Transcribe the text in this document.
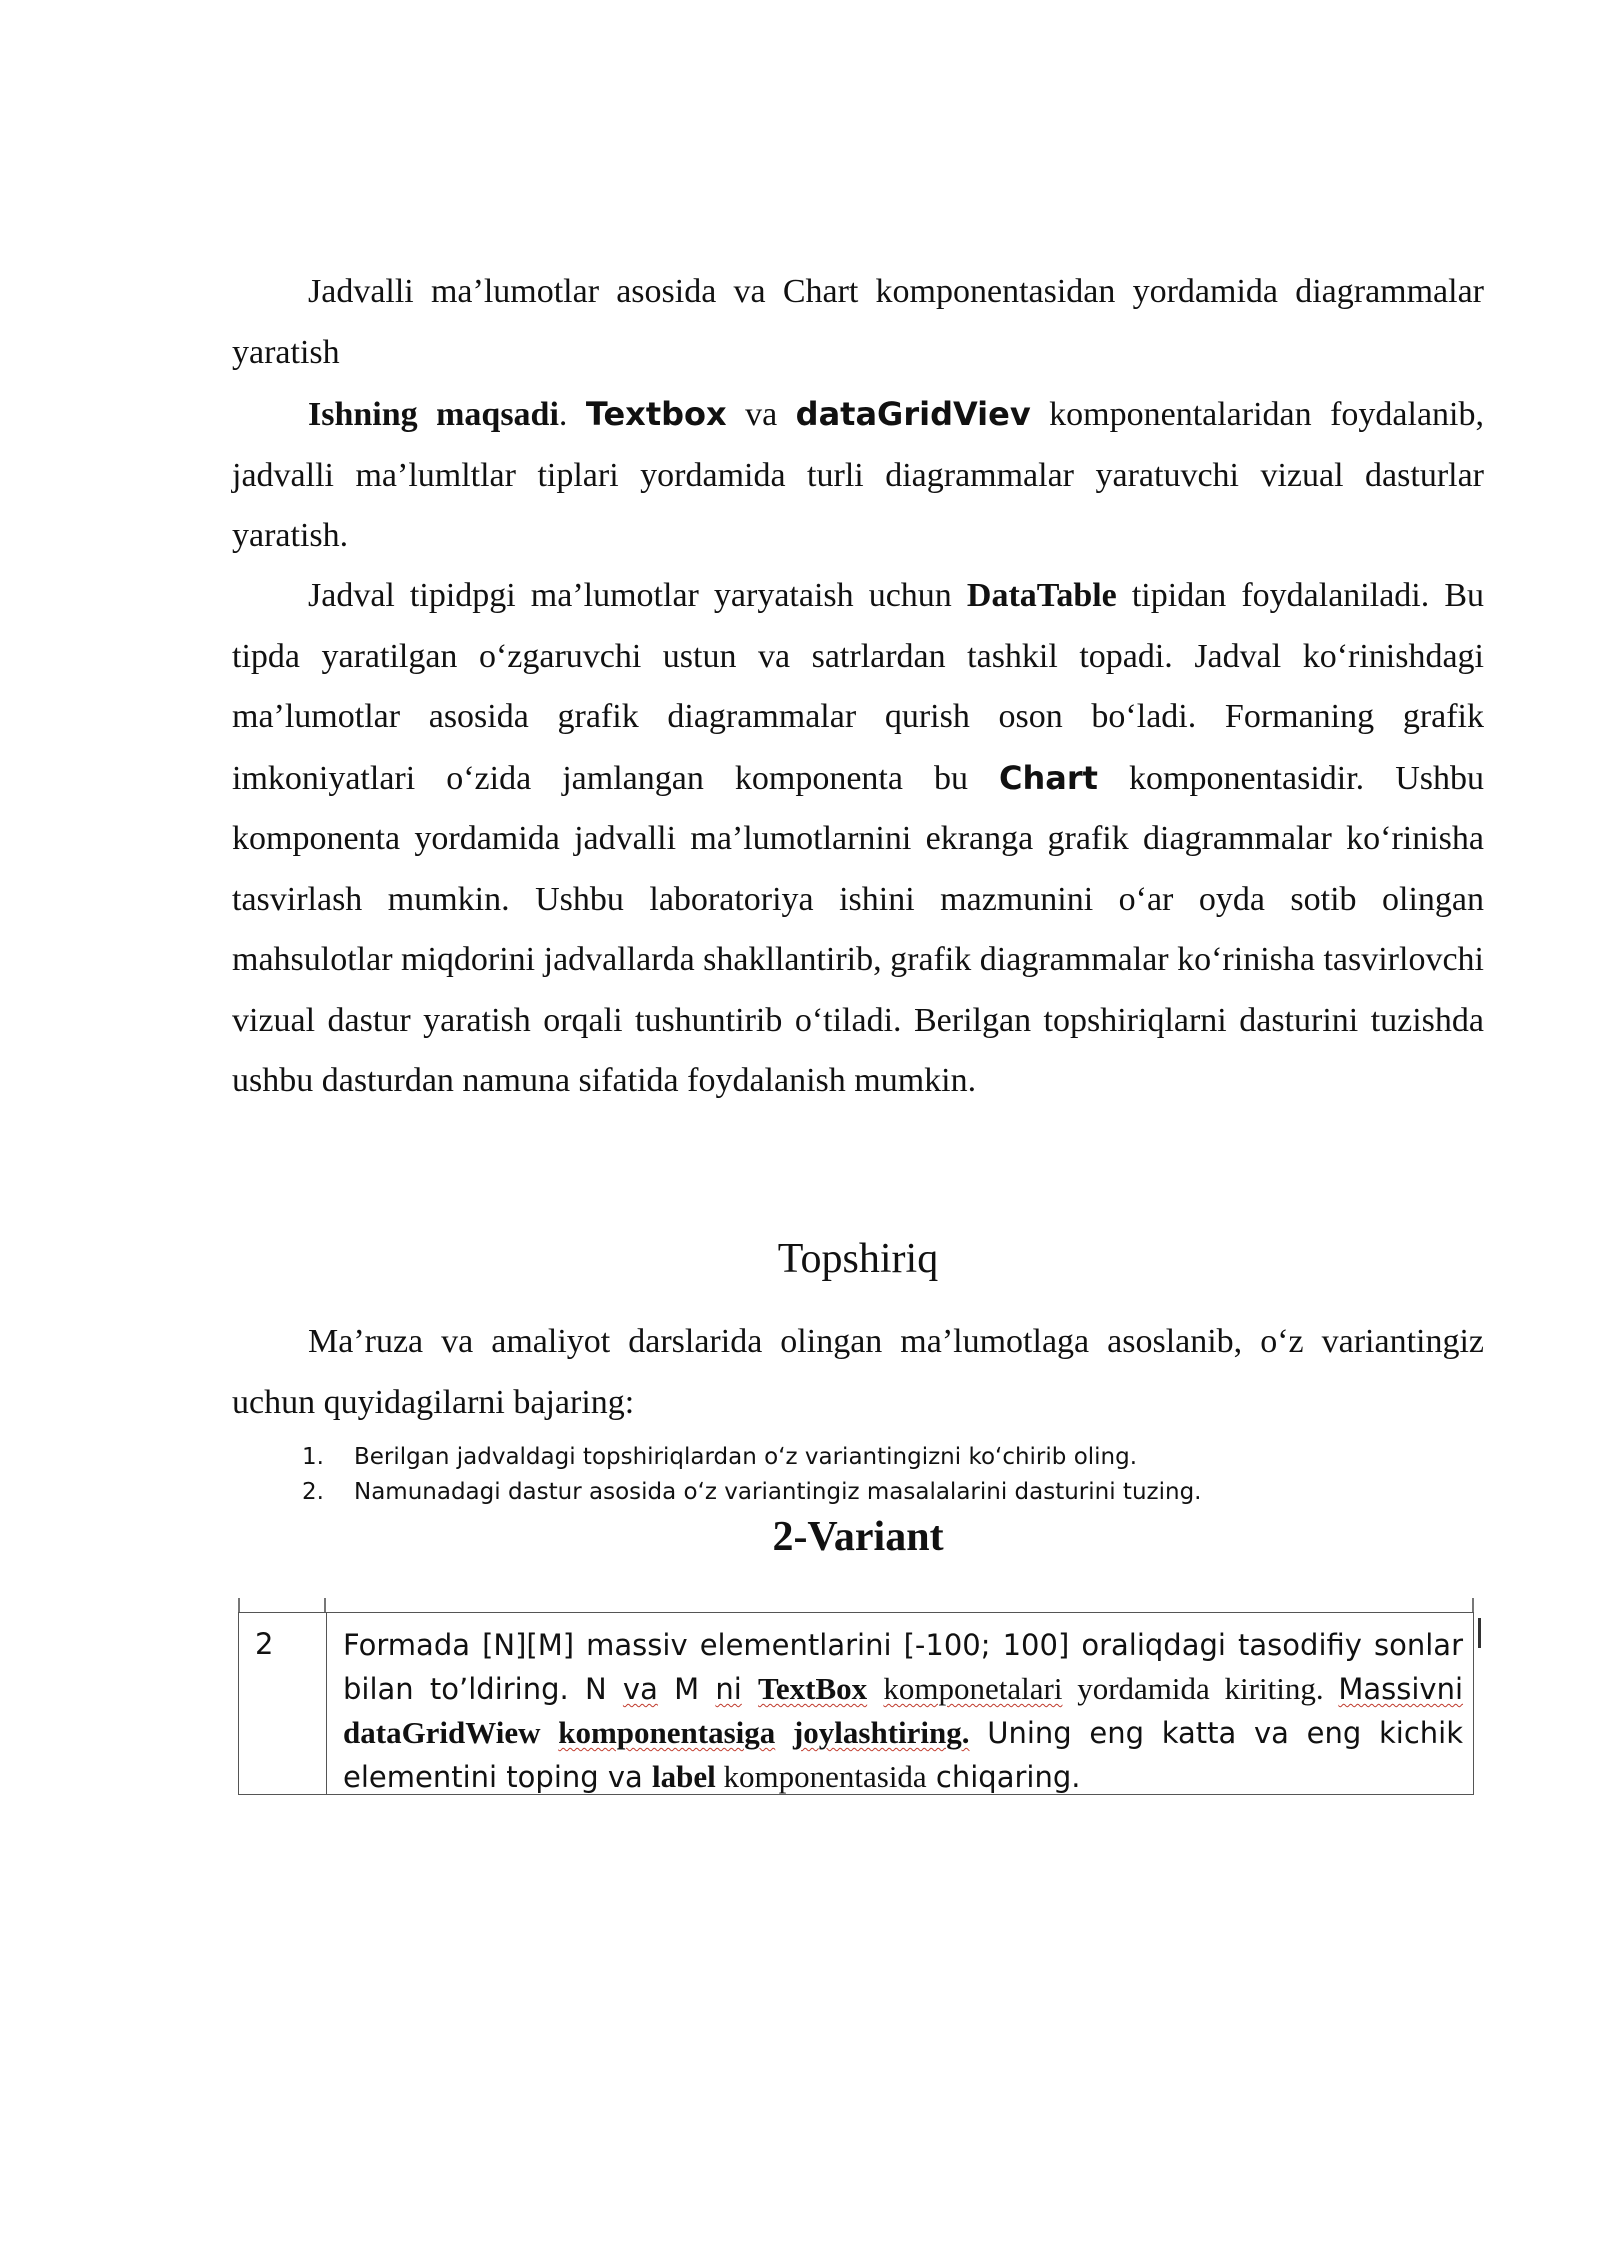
Jadvalli ma’lumotlar asosida va Chart komponentasidan yordamida diagrammalar yaratish

Ishning maqsadi. Textbox va dataGridViev komponentalaridan foydalanib, jadvalli ma’lumltlar tiplari yordamida turli diagrammalar yaratuvchi vizual dasturlar yaratish.

Jadval tipidpgi ma’lumotlar yaryataish uchun DataTable tipidan foydalaniladi. Bu tipda yaratilgan oʻzgaruvchi ustun va satrlardan tashkil topadi. Jadval koʻrinishdagi ma’lumotlar asosida grafik diagrammalar qurish oson boʻladi. Formaning grafik imkoniyatlari oʻzida jamlangan komponenta bu Chart komponentasidir. Ushbu komponenta yordamida jadvalli ma’lumotlarnini ekranga grafik diagrammalar koʻrinisha tasvirlash mumkin. Ushbu laboratoriya ishini mazmunini oʻar oyda sotib olingan mahsulotlar miqdorini jadvallarda shakllantirib, grafik diagrammalar koʻrinisha tasvirlovchi vizual dastur yaratish orqali tushuntirib oʻtiladi. Berilgan topshiriqlarni dasturini tuzishda ushbu dasturdan namuna sifatida foydalanish mumkin.

Topshiriq

Ma’ruza va amaliyot darslarida olingan ma’lumotlaga asoslanib, oʻz variantingiz uchun quyidagilarni bajaring:

1. Berilgan jadvaldagi topshiriqlardan oʻz variantingizni koʻchirib oling.
2. Namunadagi dastur asosida oʻz variantingiz masalalarini dasturini tuzing.

2-Variant

2 Formada [N][M] massiv elementlarini [-100; 100] oraliqdagi tasodifiy sonlar bilan to’ldiring. N va M ni TextBox komponetalari yordamida kiriting. Massivni dataGridWiew komponentasiga joylashtiring. Uning eng katta va eng kichik elementini toping va label komponentasida chiqaring.
